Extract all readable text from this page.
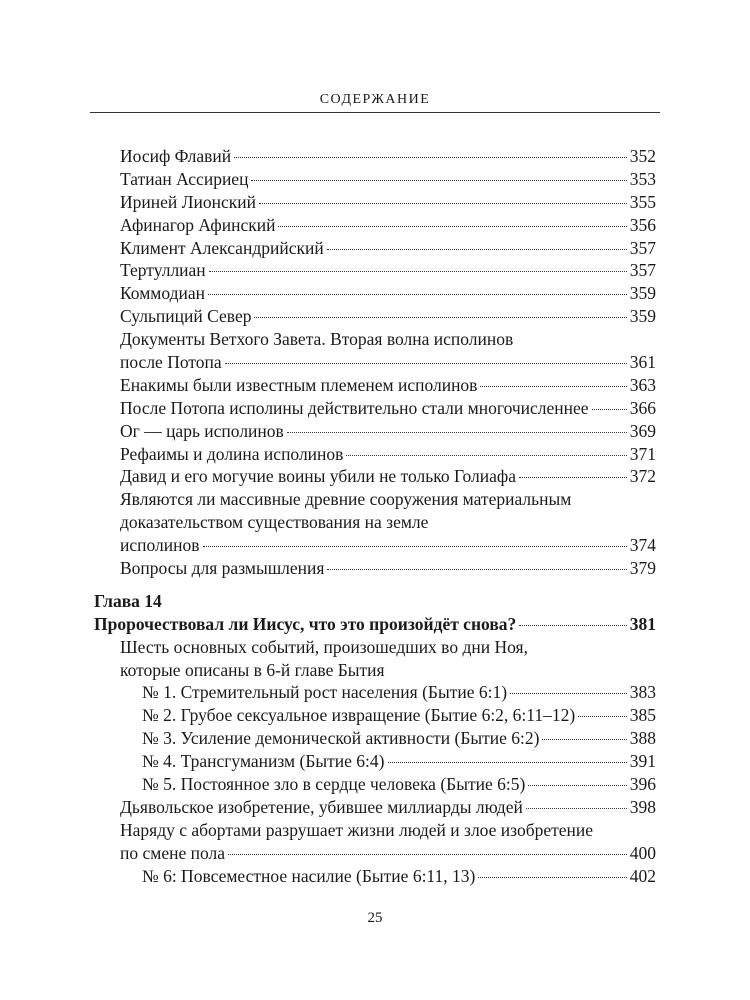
СОДЕРЖАНИЕ
Иосиф Флавий	352
Татиан Ассириец	353
Ириней Лионский	355
Афинагор Афинский	356
Климент Александрийский	357
Тертуллиан	357
Коммодиан	359
Сульпиций Север	359
Документы Ветхого Завета. Вторая волна исполинов
после Потопа	361
Енакимы были известным племенем исполинов	363
После Потопа исполины действительно стали многочисленнее 366
Ог — царь исполинов	369
Рефаимы и долина исполинов	371
Давид и его могучие воины убили не только Голиафа	372
Являются ли массивные древние сооружения материальным
доказательством существования на земле
исполинов	374
Вопросы для размышления	379
Глава 14
Пророчествовал ли Иисус, что это произойдёт снова?	381
Шесть основных событий, произошедших во дни Ноя,
которые описаны в 6-й главе Бытия
№ 1. Стремительный рост населения (Бытие 6:1)	383
№ 2. Грубое сексуальное извращение (Бытие 6:2, 6:11–12)	385
№ 3. Усиление демонической активности (Бытие 6:2)	388
№ 4. Трансгуманизм (Бытие 6:4)	391
№ 5. Постоянное зло в сердце человека (Бытие 6:5)	396
Дьявольское изобретение, убившее миллиарды людей	398
Наряду с абортами разрушает жизни людей и злое изобретение
по смене пола	400
№ 6: Повсеместное насилие (Бытие 6:11, 13)	402
25
